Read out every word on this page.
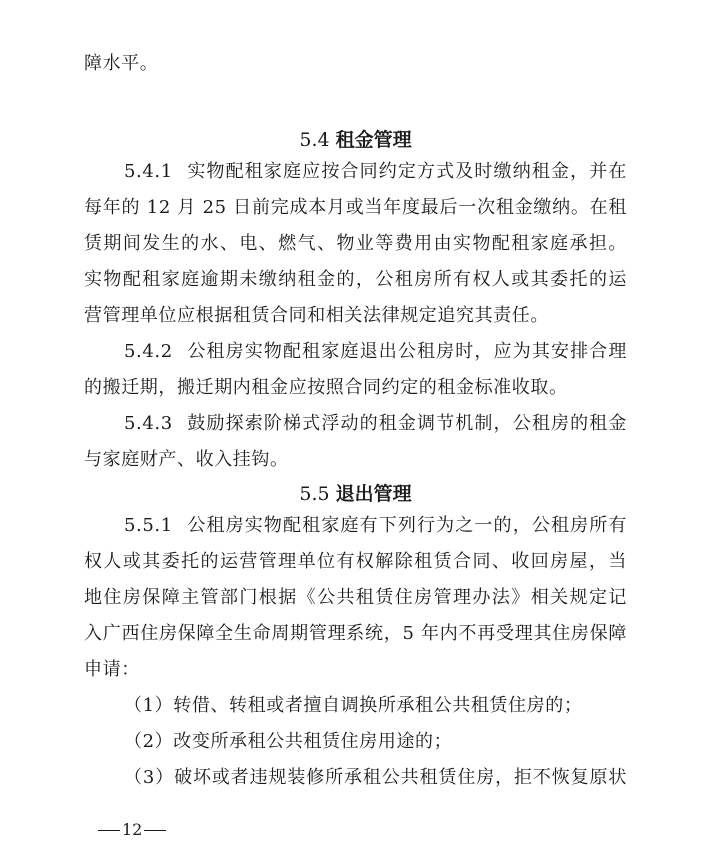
障水平。
5.4 租金管理
5.4.1 实物配租家庭应按合同约定方式及时缴纳租金，并在
每年的 12 月 25 日前完成本月或当年度最后一次租金缴纳。在租
赁期间发生的水、电、燃气、物业等费用由实物配租家庭承担。
实物配租家庭逾期未缴纳租金的，公租房所有权人或其委托的运
营管理单位应根据租赁合同和相关法律规定追究其责任。
5.4.2 公租房实物配租家庭退出公租房时，应为其安排合理
的搬迁期，搬迁期内租金应按照合同约定的租金标准收取。
5.4.3 鼓励探索阶梯式浮动的租金调节机制，公租房的租金
与家庭财产、收入挂钩。
5.5 退出管理
5.5.1 公租房实物配租家庭有下列行为之一的，公租房所有
权人或其委托的运营管理单位有权解除租赁合同、收回房屋，当
地住房保障主管部门根据《公共租赁住房管理办法》相关规定记
入广西住房保障全生命周期管理系统，5 年内不再受理其住房保障
申请：
（1）转借、转租或者擅自调换所承租公共租赁住房的；
（2）改变所承租公共租赁住房用途的；
（3）破坏或者违规装修所承租公共租赁住房，拒不恢复原状
12
